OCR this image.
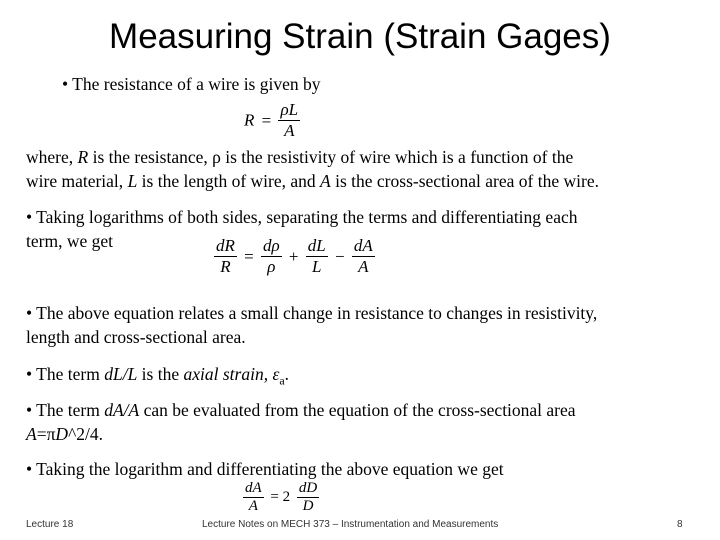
Measuring Strain (Strain Gages)
• The resistance of a wire is given by
$R = \frac{\rho L}{A}$
where, R is the resistance, ρ is the resistivity of wire which is a function of the
wire material, L is the length of wire, and A is the cross-sectional area of the wire.
• Taking logarithms of both sides, separating the terms and differentiating each
term, we get	$\frac{dR}{R} = \frac{d\rho}{\rho} + \frac{dL}{L} - \frac{dA}{A}$
• The above equation relates a small change in resistance to changes in resistivity,
length and cross-sectional area.
• The term dL/L is the axial strain, $\varepsilon_a$.
• The term dA/A can be evaluated from the equation of the cross-sectional area
A=πD^2/4.
• Taking the logarithm and differentiating the above equation we get
$\frac{dA}{A} = 2 \frac{dD}{D}$
Lecture 18	Lecture Notes on MECH 373 – Instrumentation and Measurements	8
